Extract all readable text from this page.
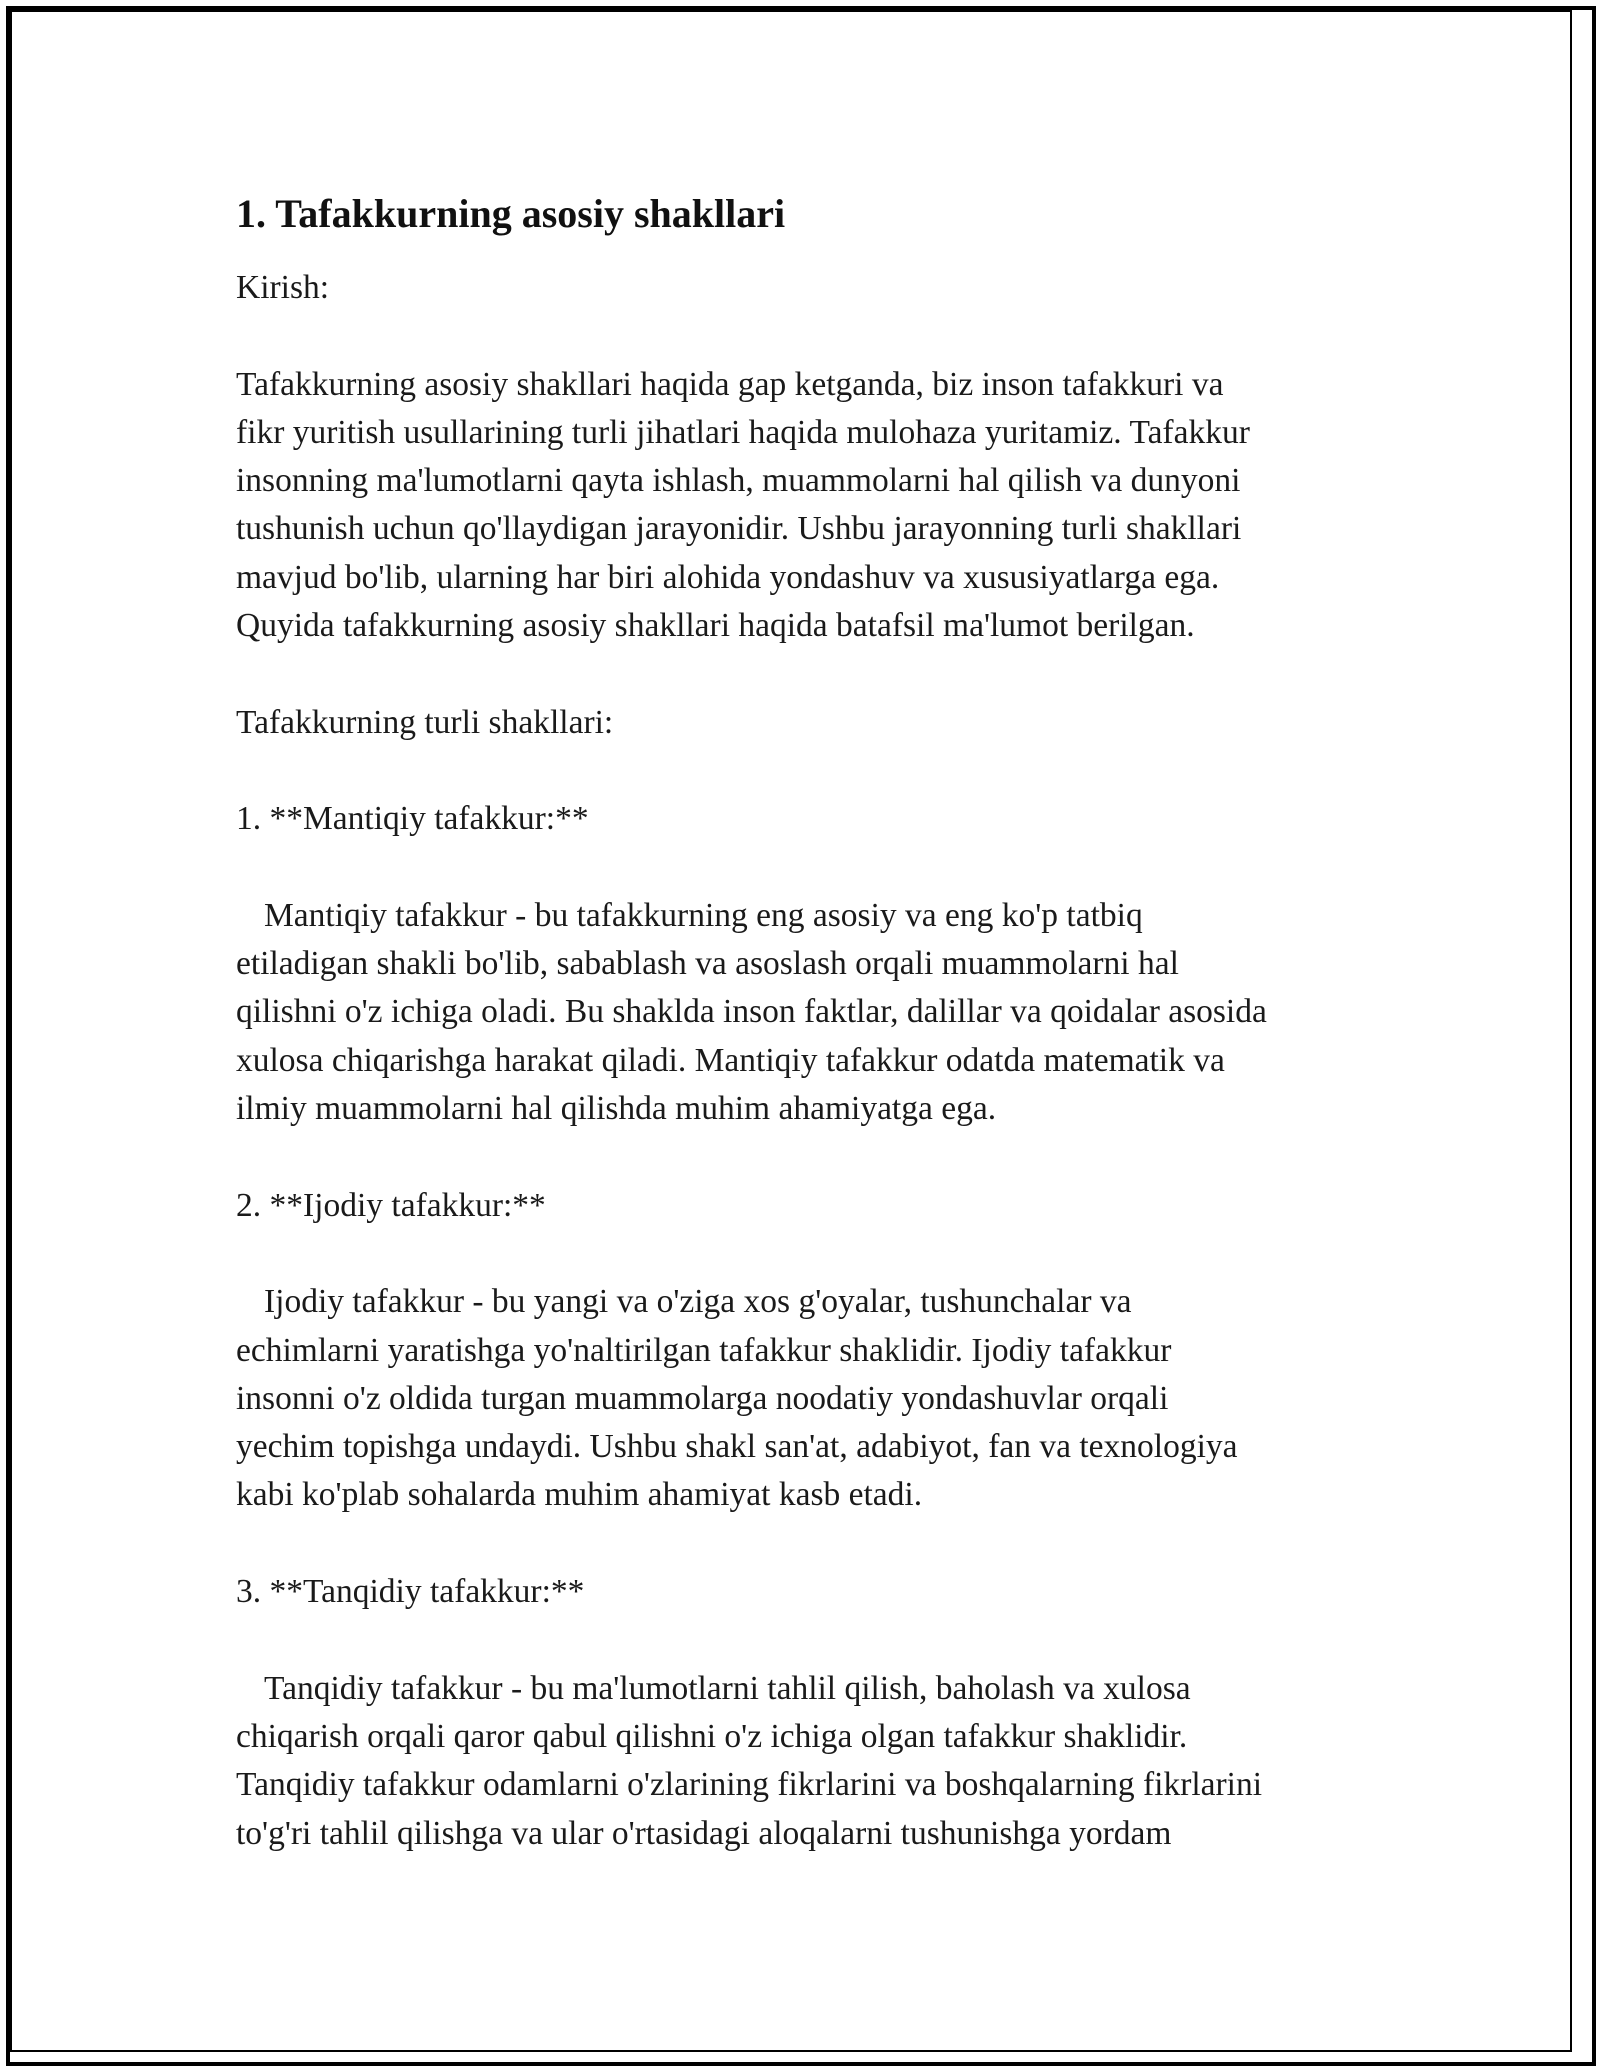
1. Tafakkurning asosiy shakllari

Kirish:

Tafakkurning asosiy shakllari haqida gap ketganda, biz inson tafakkuri va
fikr yuritish usullarining turli jihatlari haqida mulohaza yuritamiz. Tafakkur
insonning ma'lumotlarni qayta ishlash, muammolarni hal qilish va dunyoni
tushunish uchun qo'llaydigan jarayonidir. Ushbu jarayonning turli shakllari
mavjud bo'lib, ularning har biri alohida yondashuv va xususiyatlarga ega.
Quyida tafakkurning asosiy shakllari haqida batafsil ma'lumot berilgan.

Tafakkurning turli shakllari:

1. **Mantiqiy tafakkur:**

Mantiqiy tafakkur - bu tafakkurning eng asosiy va eng ko'p tatbiq
etiladigan shakli bo'lib, sabablash va asoslash orqali muammolarni hal
qilishni o'z ichiga oladi. Bu shaklda inson faktlar, dalillar va qoidalar asosida
xulosa chiqarishga harakat qiladi. Mantiqiy tafakkur odatda matematik va
ilmiy muammolarni hal qilishda muhim ahamiyatga ega.

2. **Ijodiy tafakkur:**

Ijodiy tafakkur - bu yangi va o'ziga xos g'oyalar, tushunchalar va
echimlarni yaratishga yo'naltirilgan tafakkur shaklidir. Ijodiy tafakkur
insonni o'z oldida turgan muammolarga noodatiy yondashuvlar orqali
yechim topishga undaydi. Ushbu shakl san'at, adabiyot, fan va texnologiya
kabi ko'plab sohalarda muhim ahamiyat kasb etadi.

3. **Tanqidiy tafakkur:**

Tanqidiy tafakkur - bu ma'lumotlarni tahlil qilish, baholash va xulosa
chiqarish orqali qaror qabul qilishni o'z ichiga olgan tafakkur shaklidir.
Tanqidiy tafakkur odamlarni o'zlarining fikrlarini va boshqalarning fikrlarini
to'g'ri tahlil qilishga va ular o'rtasidagi aloqalarni tushunishga yordam
